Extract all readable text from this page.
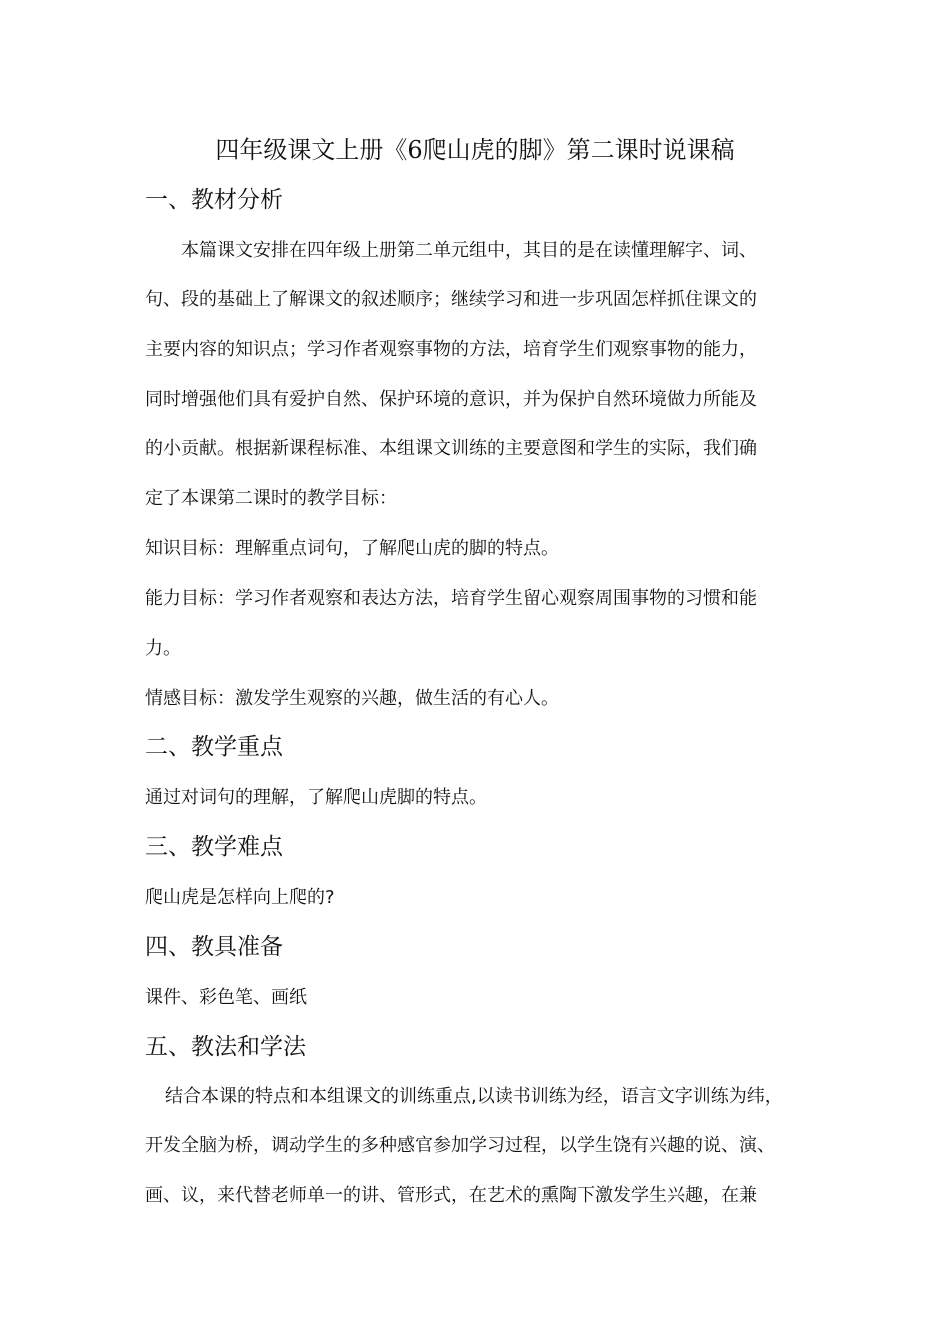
四年级课文上册《6爬山虎的脚》第二课时说课稿
一、教材分析
本篇课文安排在四年级上册第二单元组中，其目的是在读懂理解字、词、
句、段的基础上了解课文的叙述顺序；继续学习和进一步巩固怎样抓住课文的
主要内容的知识点；学习作者观察事物的方法，培育学生们观察事物的能力，
同时增强他们具有爱护自然、保护环境的意识，并为保护自然环境做力所能及
的小贡献。根据新课程标准、本组课文训练的主要意图和学生的实际，我们确
定了本课第二课时的教学目标：
知识目标：理解重点词句，了解爬山虎的脚的特点。
能力目标：学习作者观察和表达方法，培育学生留心观察周围事物的习惯和能
力。
情感目标：激发学生观察的兴趣，做生活的有心人。
二、教学重点
通过对词句的理解，了解爬山虎脚的特点。
三、教学难点
爬山虎是怎样向上爬的?
四、教具准备
课件、彩色笔、画纸
五、教法和学法
结合本课的特点和本组课文的训练重点,以读书训练为经，语言文字训练为纬，
开发全脑为桥，调动学生的多种感官参加学习过程，以学生饶有兴趣的说、演、
画、议，来代替老师单一的讲、管形式，在艺术的熏陶下激发学生兴趣，在兼
